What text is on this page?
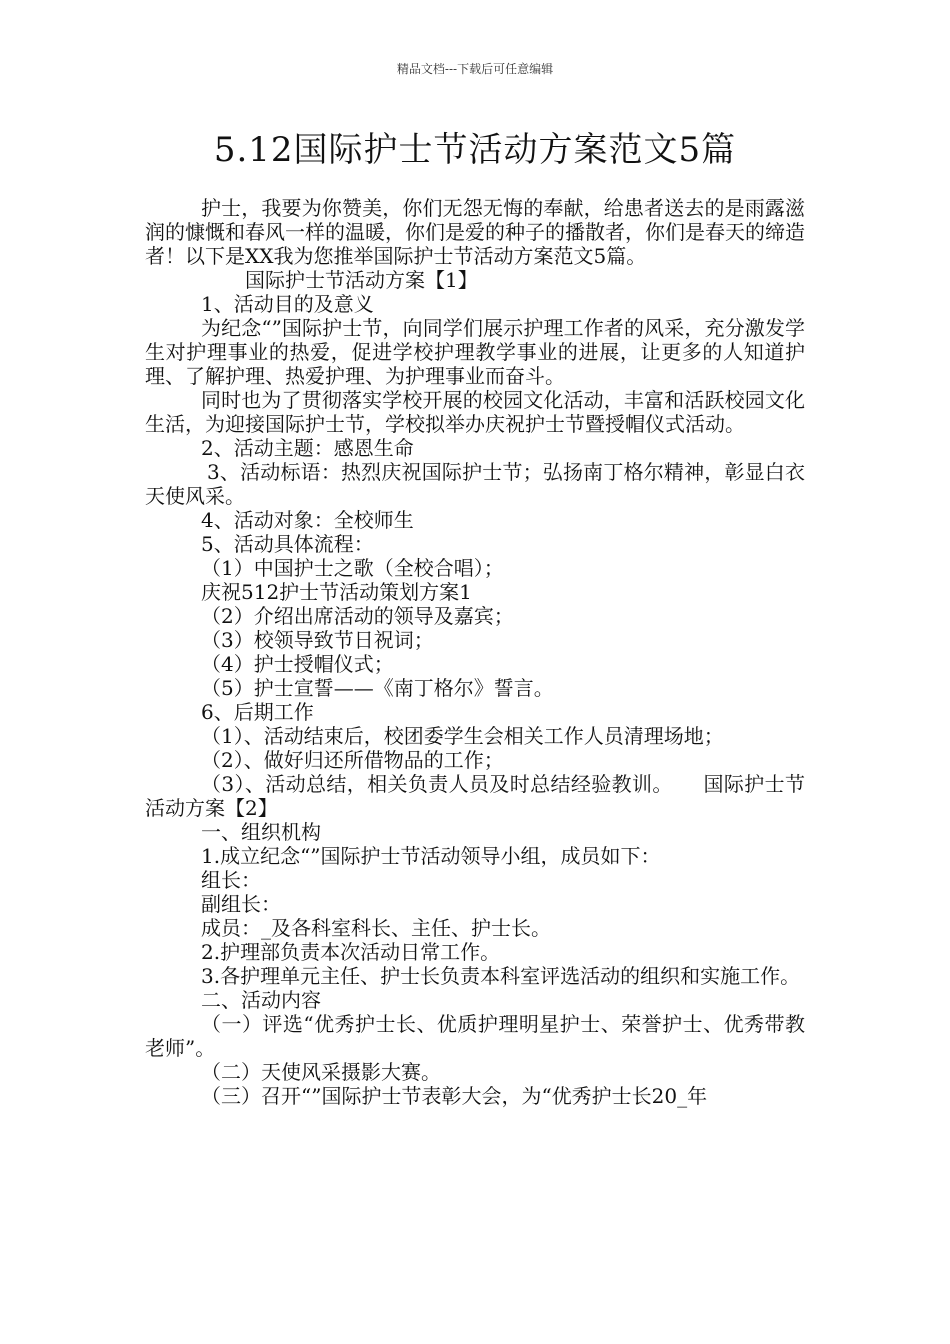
精品文档---下载后可任意编辑
5.12国际护士节活动方案范文5篇

护士，我要为你赞美，你们无怨无悔的奉献，给患者送去的是雨露滋润的慷慨和春风一样的温暖，你们是爱的种子的播散者，你们是春天的缔造者！以下是XX我为您推举国际护士节活动方案范文5篇。

国际护士节活动方案【1】

1、活动目的及意义

为纪念“”国际护士节，向同学们展示护理工作者的风采，充分激发学生对护理事业的热爱，促进学校护理教学事业的进展，让更多的人知道护理、了解护理、热爱护理、为护理事业而奋斗。

同时也为了贯彻落实学校开展的校园文化活动，丰富和活跃校园文化生活，为迎接国际护士节，学校拟举办庆祝护士节暨授帽仪式活动。

2、活动主题：感恩生命

3、活动标语：热烈庆祝国际护士节；弘扬南丁格尔精神，彰显白衣天使风采。

4、活动对象：全校师生

5、活动具体流程：

（1）中国护士之歌（全校合唱）；

庆祝512护士节活动策划方案1

（2）介绍出席活动的领导及嘉宾；

（3）校领导致节日祝词；

（4）护士授帽仪式；

（5）护士宣誓——《南丁格尔》誓言。

6、后期工作

（1）、活动结束后，校团委学生会相关工作人员清理场地；

（2）、做好归还所借物品的工作；

（3）、活动总结，相关负责人员及时总结经验教训。　　国际护士节活动方案【2】

一、组织机构

1.成立纪念“”国际护士节活动领导小组，成员如下：

组长：

副组长：

成员：_及各科室科长、主任、护士长。

2.护理部负责本次活动日常工作。

3.各护理单元主任、护士长负责本科室评选活动的组织和实施工作。

二、活动内容

（一）评选“优秀护士长、优质护理明星护士、荣誉护士、优秀带教老师”。

（二）天使风采摄影大赛。

（三）召开“”国际护士节表彰大会，为“优秀护士长20_年
